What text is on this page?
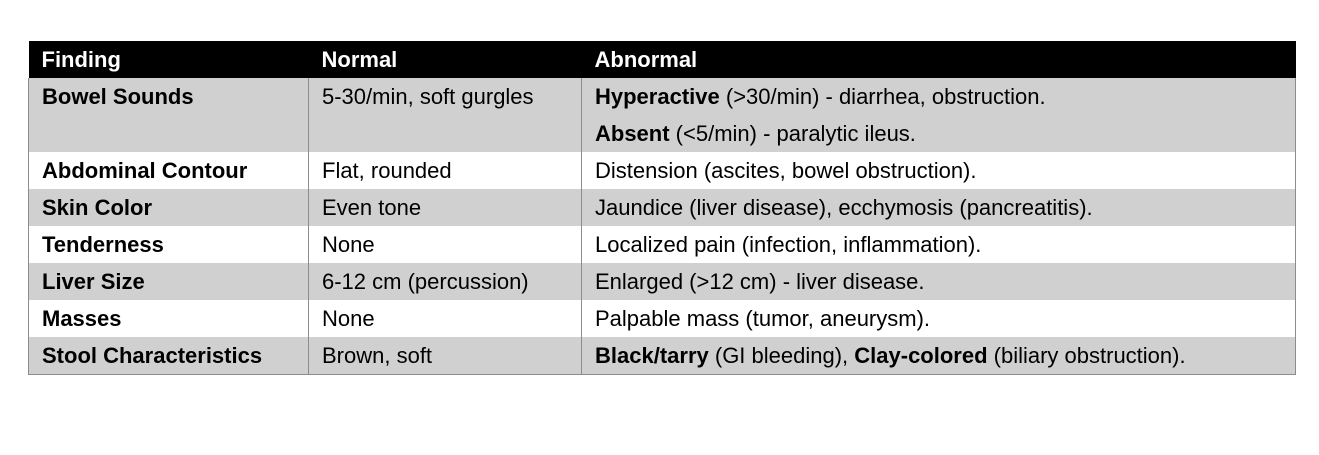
Finding	Normal	Abnormal
Bowel Sounds	5-30/min, soft gurgles	Hyperactive (>30/min) - diarrhea, obstruction.
Absent (<5/min) - paralytic ileus.

Abdominal Contour	Flat, rounded	Distension (ascites, bowel obstruction).
Skin Color	Even tone	Jaundice (liver disease), ecchymosis (pancreatitis).
Tenderness	None	Localized pain (infection, inflammation).
Liver Size	6-12 cm (percussion)	Enlarged (>12 cm) - liver disease.
Masses	None	Palpable mass (tumor, aneurysm).
Stool Characteristics	Brown, soft	Black/tarry (GI bleeding), Clay-colored (biliary obstruction).
